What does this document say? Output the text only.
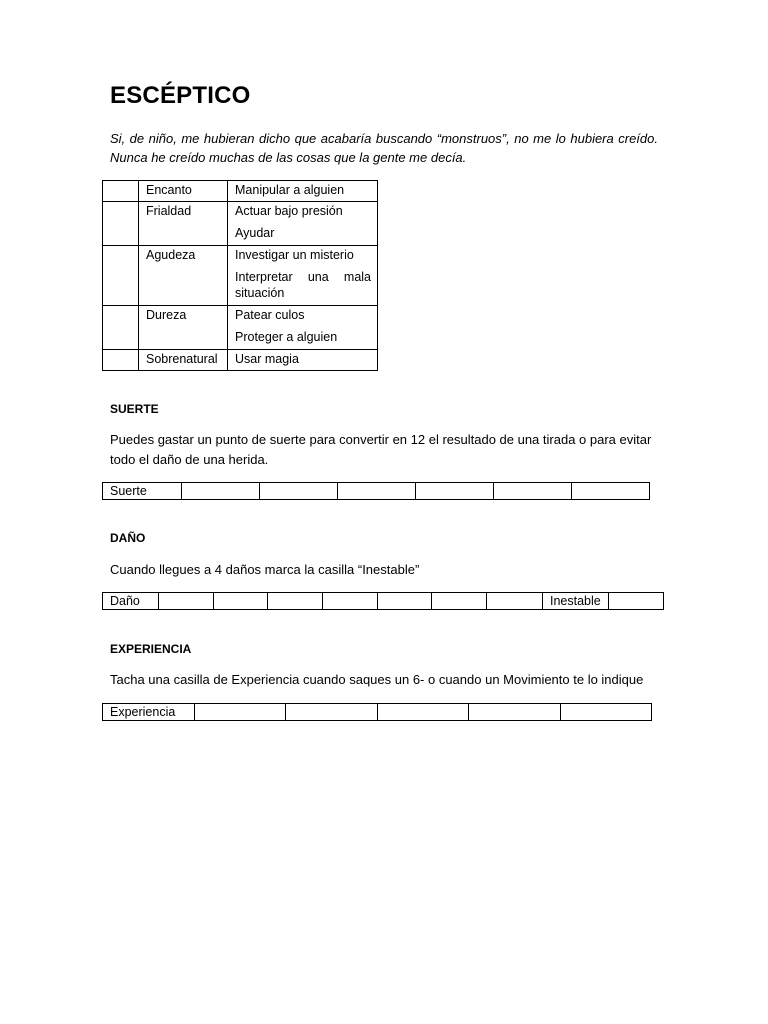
ESCÉPTICO
Si, de niño, me hubieran dicho que acabaría buscando “monstruos”, no me lo hubiera creído. Nunca he creído muchas de las cosas que la gente me decía.

	Encanto	Manipular a alguien

	Frialdad	Actuar bajo presión
Ayudar

	Agudeza	Investigar un misterio
Interpretar una mala situación

	Dureza	Patear culos
Proteger a alguien

	Sobrenatural	Usar magia
SUERTE
Puedes gastar un punto de suerte para convertir en 12 el resultado de una tirada o para evitar todo el daño de una herida.
Suerte						
DAÑO
Cuando llegues a 4 daños marca la casilla “Inestable”
Daño								Inestable	
EXPERIENCIA
Tacha una casilla de Experiencia cuando saques un 6- o cuando un Movimiento te lo indique
Experiencia					
